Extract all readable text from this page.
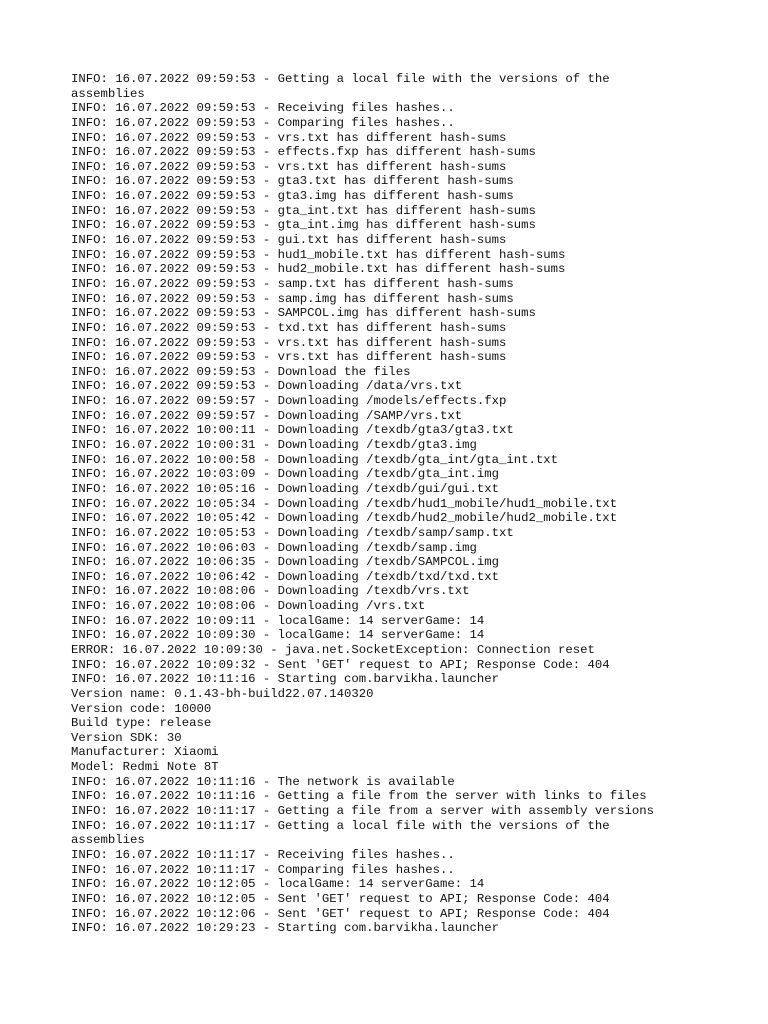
INFO: 16.07.2022 09:59:53 - Getting a local file with the versions of the
assemblies
INFO: 16.07.2022 09:59:53 - Receiving files hashes..
INFO: 16.07.2022 09:59:53 - Comparing files hashes..
INFO: 16.07.2022 09:59:53 - vrs.txt has different hash-sums
INFO: 16.07.2022 09:59:53 - effects.fxp has different hash-sums
INFO: 16.07.2022 09:59:53 - vrs.txt has different hash-sums
INFO: 16.07.2022 09:59:53 - gta3.txt has different hash-sums
INFO: 16.07.2022 09:59:53 - gta3.img has different hash-sums
INFO: 16.07.2022 09:59:53 - gta_int.txt has different hash-sums
INFO: 16.07.2022 09:59:53 - gta_int.img has different hash-sums
INFO: 16.07.2022 09:59:53 - gui.txt has different hash-sums
INFO: 16.07.2022 09:59:53 - hud1_mobile.txt has different hash-sums
INFO: 16.07.2022 09:59:53 - hud2_mobile.txt has different hash-sums
INFO: 16.07.2022 09:59:53 - samp.txt has different hash-sums
INFO: 16.07.2022 09:59:53 - samp.img has different hash-sums
INFO: 16.07.2022 09:59:53 - SAMPCOL.img has different hash-sums
INFO: 16.07.2022 09:59:53 - txd.txt has different hash-sums
INFO: 16.07.2022 09:59:53 - vrs.txt has different hash-sums
INFO: 16.07.2022 09:59:53 - vrs.txt has different hash-sums
INFO: 16.07.2022 09:59:53 - Download the files
INFO: 16.07.2022 09:59:53 - Downloading /data/vrs.txt
INFO: 16.07.2022 09:59:57 - Downloading /models/effects.fxp
INFO: 16.07.2022 09:59:57 - Downloading /SAMP/vrs.txt
INFO: 16.07.2022 10:00:11 - Downloading /texdb/gta3/gta3.txt
INFO: 16.07.2022 10:00:31 - Downloading /texdb/gta3.img
INFO: 16.07.2022 10:00:58 - Downloading /texdb/gta_int/gta_int.txt
INFO: 16.07.2022 10:03:09 - Downloading /texdb/gta_int.img
INFO: 16.07.2022 10:05:16 - Downloading /texdb/gui/gui.txt
INFO: 16.07.2022 10:05:34 - Downloading /texdb/hud1_mobile/hud1_mobile.txt
INFO: 16.07.2022 10:05:42 - Downloading /texdb/hud2_mobile/hud2_mobile.txt
INFO: 16.07.2022 10:05:53 - Downloading /texdb/samp/samp.txt
INFO: 16.07.2022 10:06:03 - Downloading /texdb/samp.img
INFO: 16.07.2022 10:06:35 - Downloading /texdb/SAMPCOL.img
INFO: 16.07.2022 10:06:42 - Downloading /texdb/txd/txd.txt
INFO: 16.07.2022 10:08:06 - Downloading /texdb/vrs.txt
INFO: 16.07.2022 10:08:06 - Downloading /vrs.txt
INFO: 16.07.2022 10:09:11 - localGame: 14 serverGame: 14
INFO: 16.07.2022 10:09:30 - localGame: 14 serverGame: 14
ERROR: 16.07.2022 10:09:30 - java.net.SocketException: Connection reset
INFO: 16.07.2022 10:09:32 - Sent 'GET' request to API; Response Code: 404
INFO: 16.07.2022 10:11:16 - Starting com.barvikha.launcher
Version name: 0.1.43-bh-build22.07.140320
Version code: 10000
Build type: release
Version SDK: 30
Manufacturer: Xiaomi
Model: Redmi Note 8T
INFO: 16.07.2022 10:11:16 - The network is available
INFO: 16.07.2022 10:11:16 - Getting a file from the server with links to files
INFO: 16.07.2022 10:11:17 - Getting a file from a server with assembly versions
INFO: 16.07.2022 10:11:17 - Getting a local file with the versions of the
assemblies
INFO: 16.07.2022 10:11:17 - Receiving files hashes..
INFO: 16.07.2022 10:11:17 - Comparing files hashes..
INFO: 16.07.2022 10:12:05 - localGame: 14 serverGame: 14
INFO: 16.07.2022 10:12:05 - Sent 'GET' request to API; Response Code: 404
INFO: 16.07.2022 10:12:06 - Sent 'GET' request to API; Response Code: 404
INFO: 16.07.2022 10:29:23 - Starting com.barvikha.launcher
